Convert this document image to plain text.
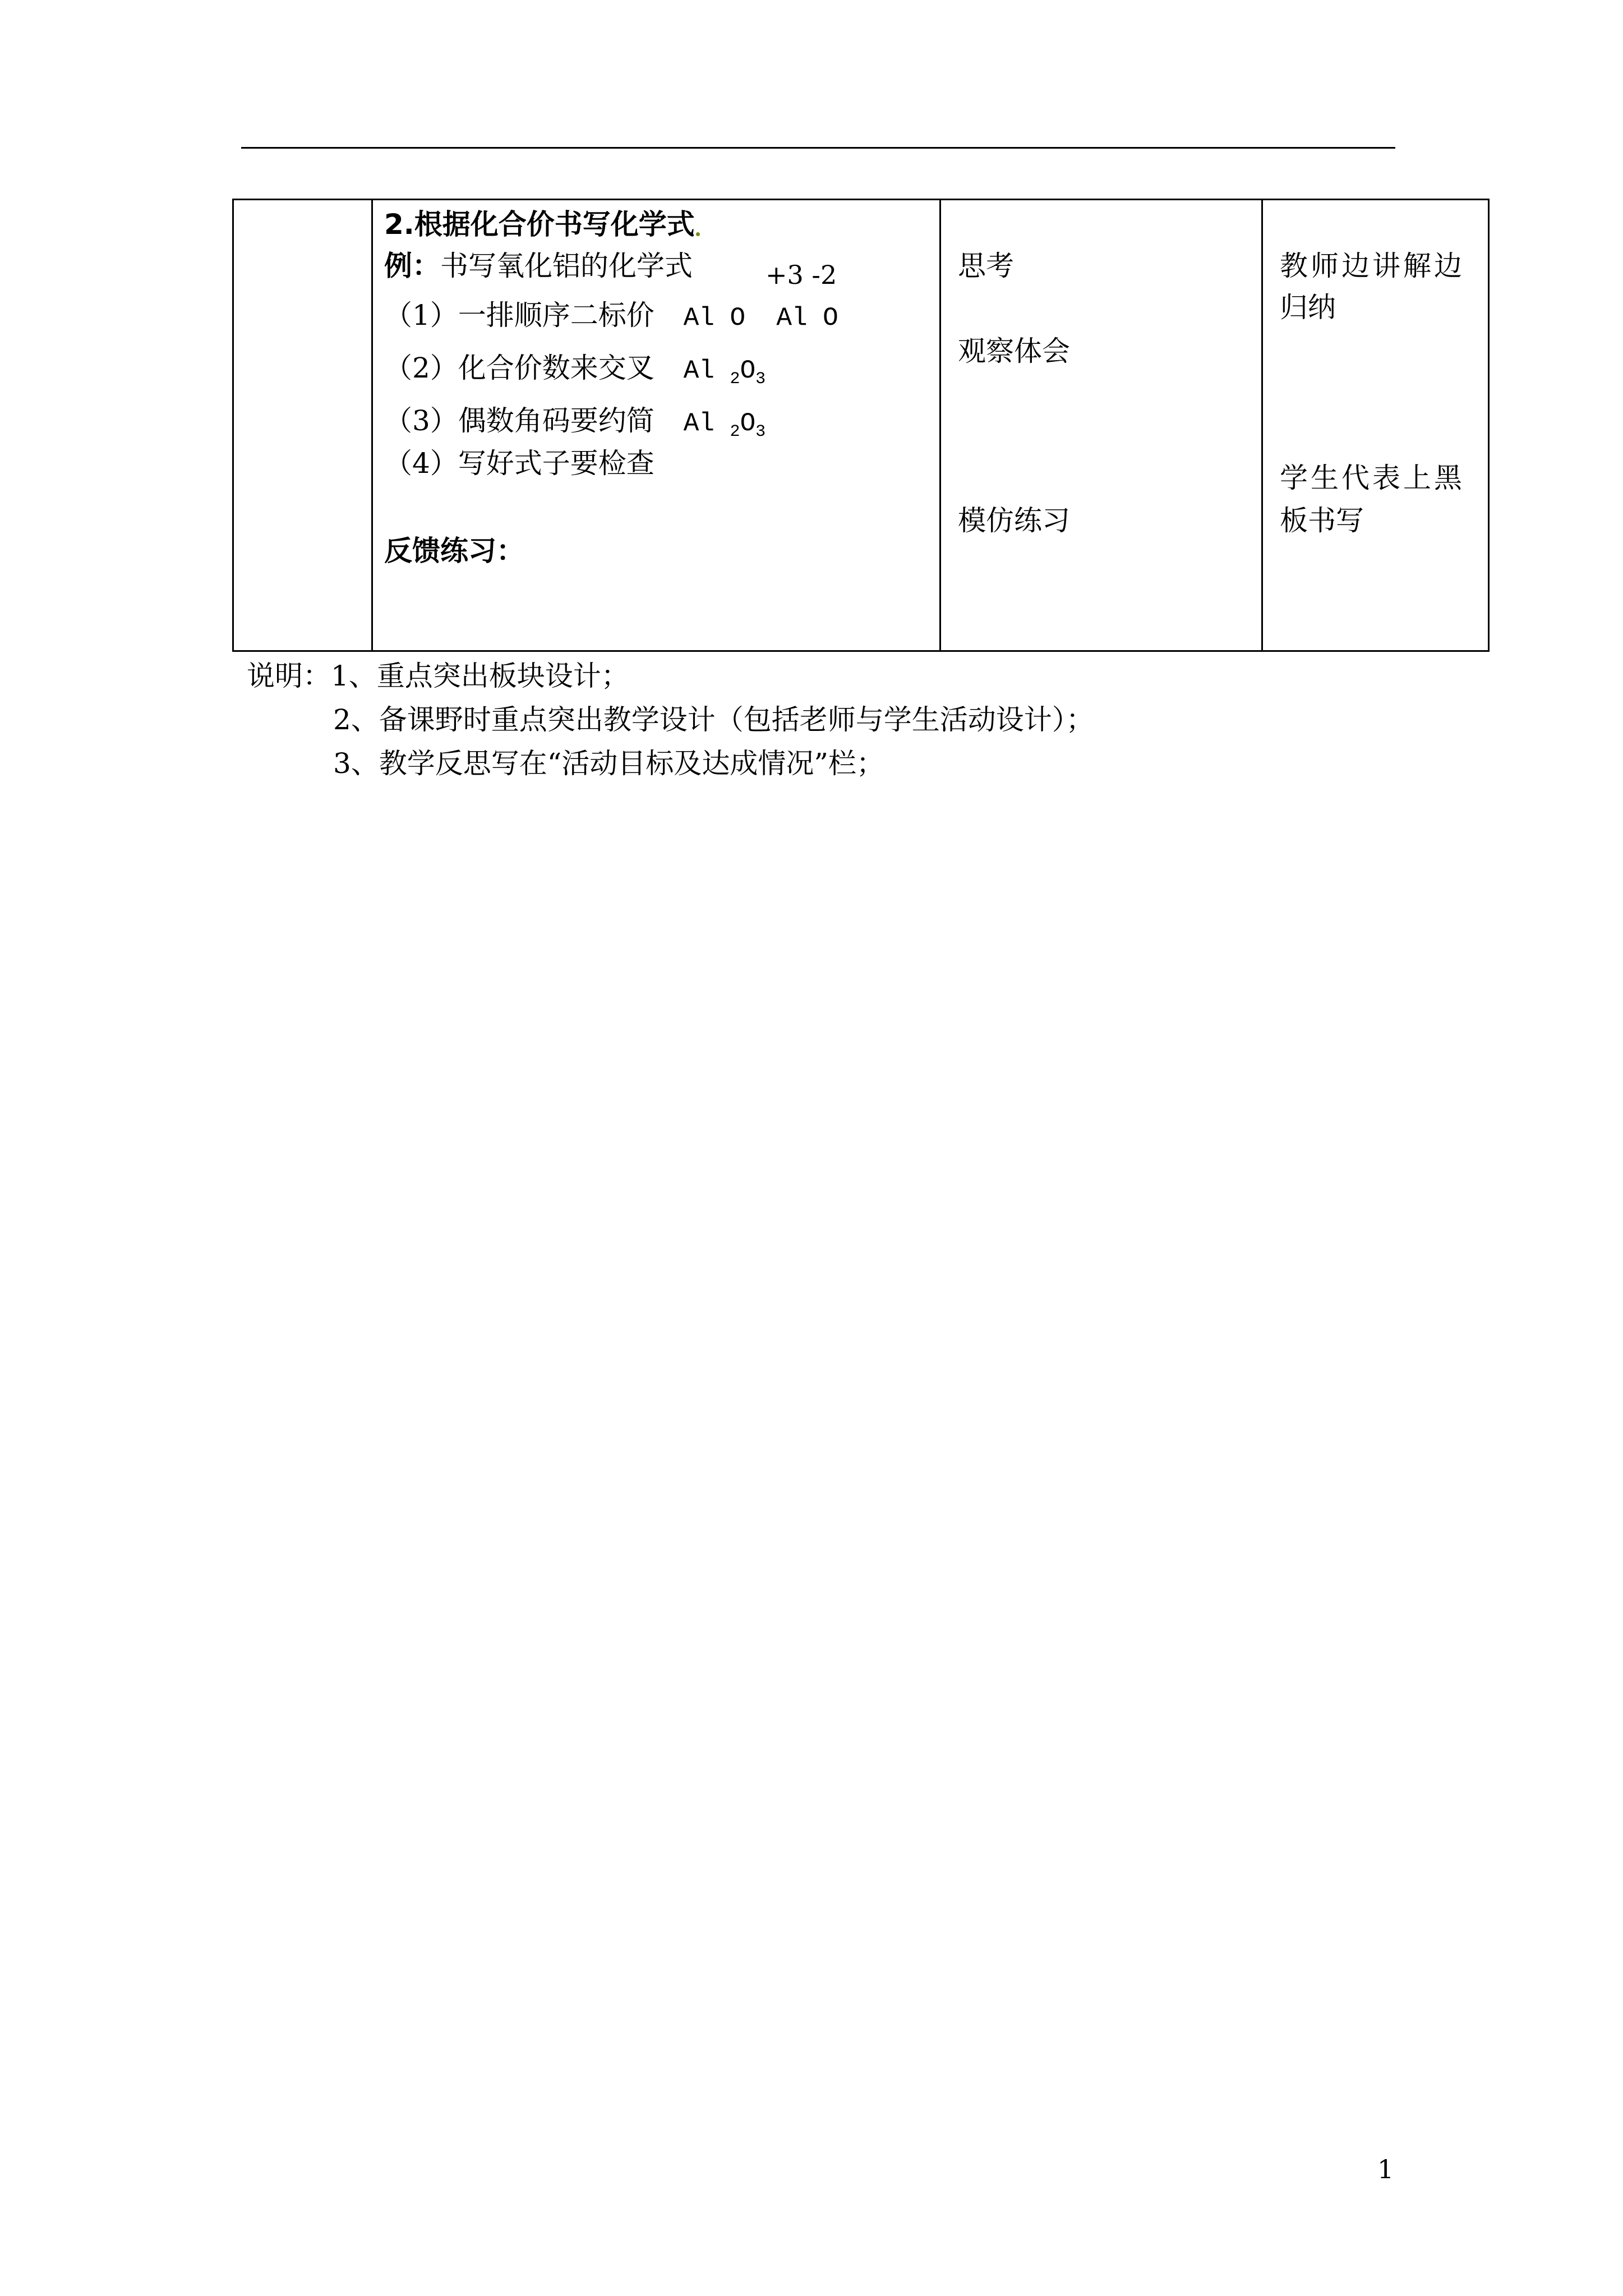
2.根据化合价书写化学式
例：书写氧化铝的化学式	+3 -2
（1）一排顺序二标价 Al O  Al O
（2）化合价数来交叉 Al $_2O_3$
（3）偶数角码要约简 Al $_2O_3$
（4）写好式子要检查
反馈练习：
思考
观察体会
模仿练习
教师边讲解边
归纳
学生代表上黑
板书写
说明：1、重点突出板块设计；
2、备课野时重点突出教学设计（包括老师与学生活动设计）；
3、教学反思写在“活动目标及达成情况”栏；
1
